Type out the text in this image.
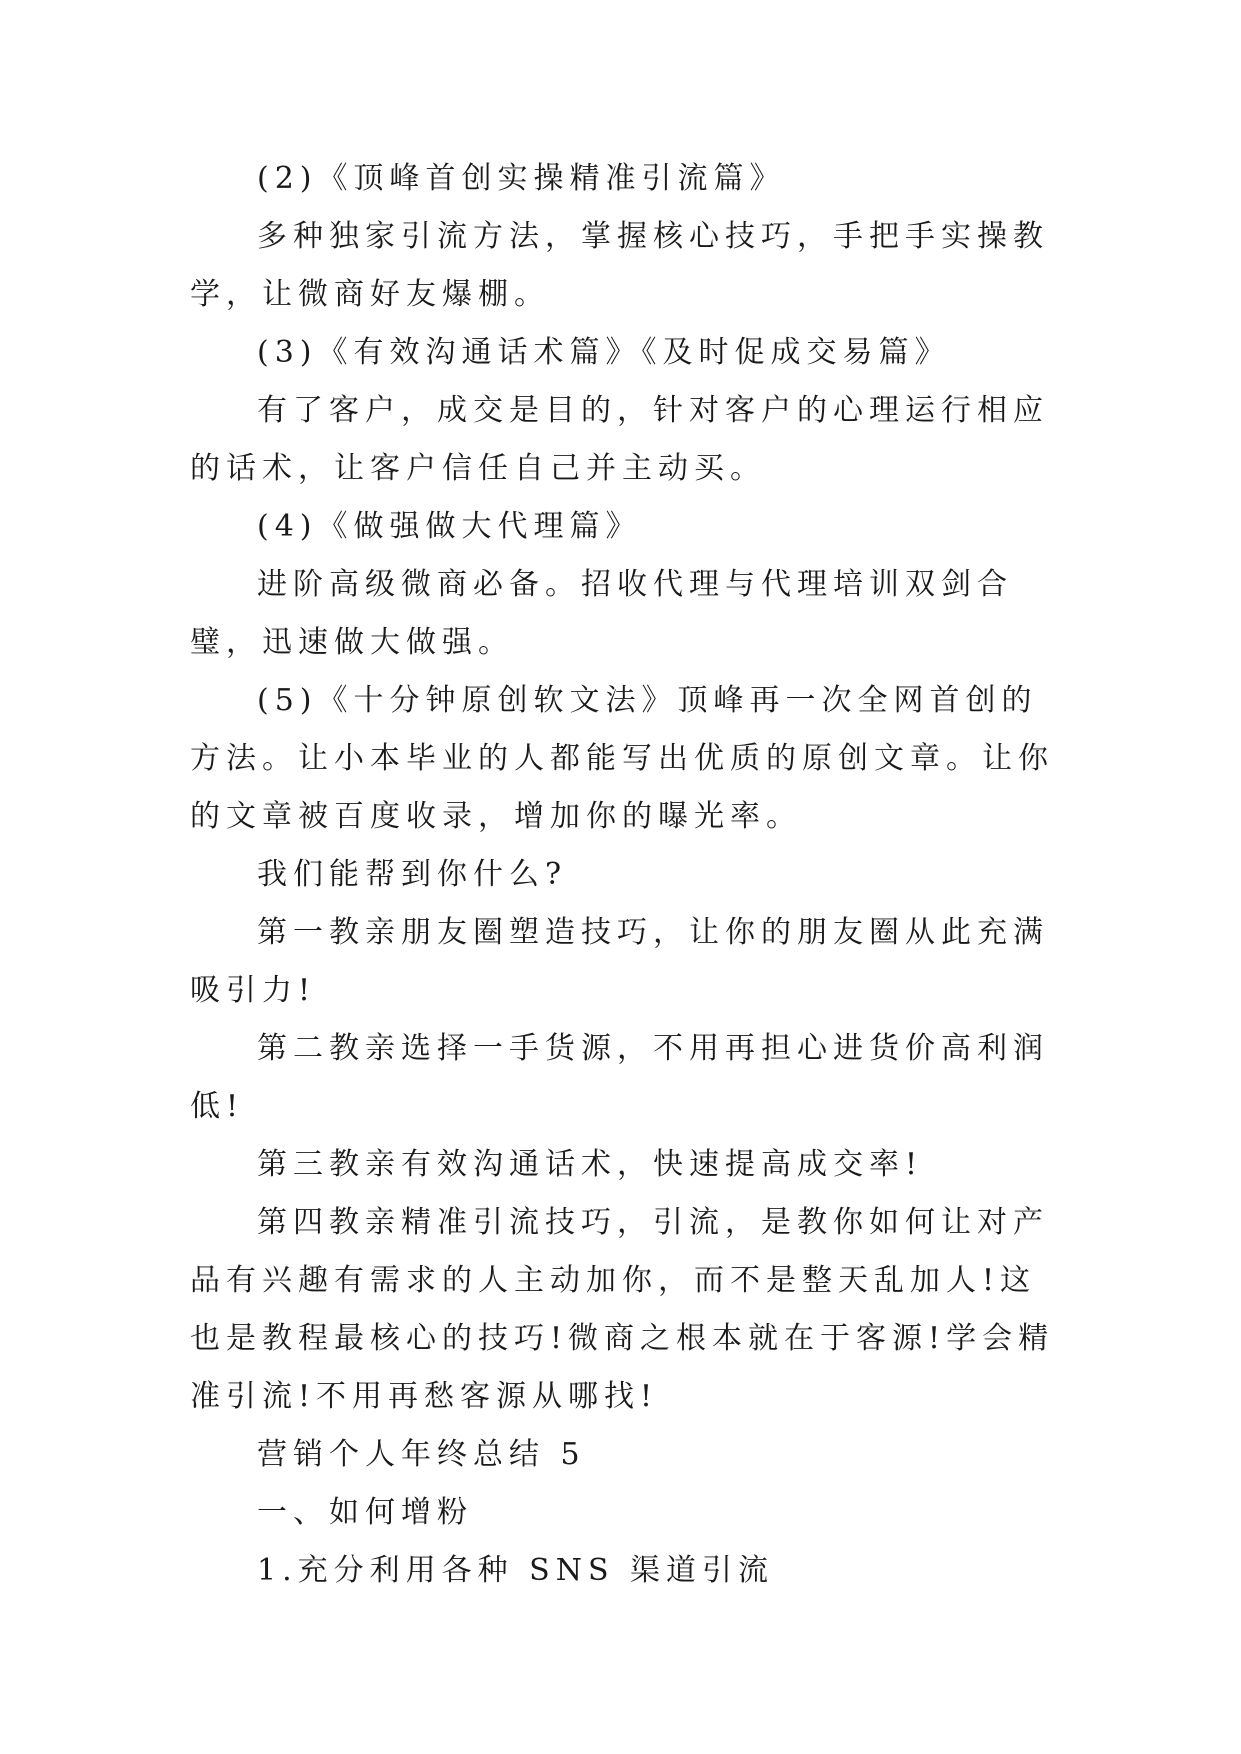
(2)《顶峰首创实操精准引流篇》

多种独家引流方法，掌握核心技巧，手把手实操教学，让微商好友爆棚。

(3)《有效沟通话术篇》《及时促成交易篇》

有了客户，成交是目的，针对客户的心理运行相应的话术，让客户信任自己并主动买。

(4)《做强做大代理篇》

进阶高级微商必备。招收代理与代理培训双剑合璧，迅速做大做强。

(5)《十分钟原创软文法》顶峰再一次全网首创的方法。让小本毕业的人都能写出优质的原创文章。让你的文章被百度收录，增加你的曝光率。

我们能帮到你什么?

第一教亲朋友圈塑造技巧，让你的朋友圈从此充满吸引力!

第二教亲选择一手货源，不用再担心进货价高利润低!

第三教亲有效沟通话术，快速提高成交率!

第四教亲精准引流技巧，引流，是教你如何让对产品有兴趣有需求的人主动加你，而不是整天乱加人!这也是教程最核心的技巧!微商之根本就在于客源!学会精准引流!不用再愁客源从哪找!

营销个人年终总结 5

一、如何增粉

1.充分利用各种 SNS 渠道引流
